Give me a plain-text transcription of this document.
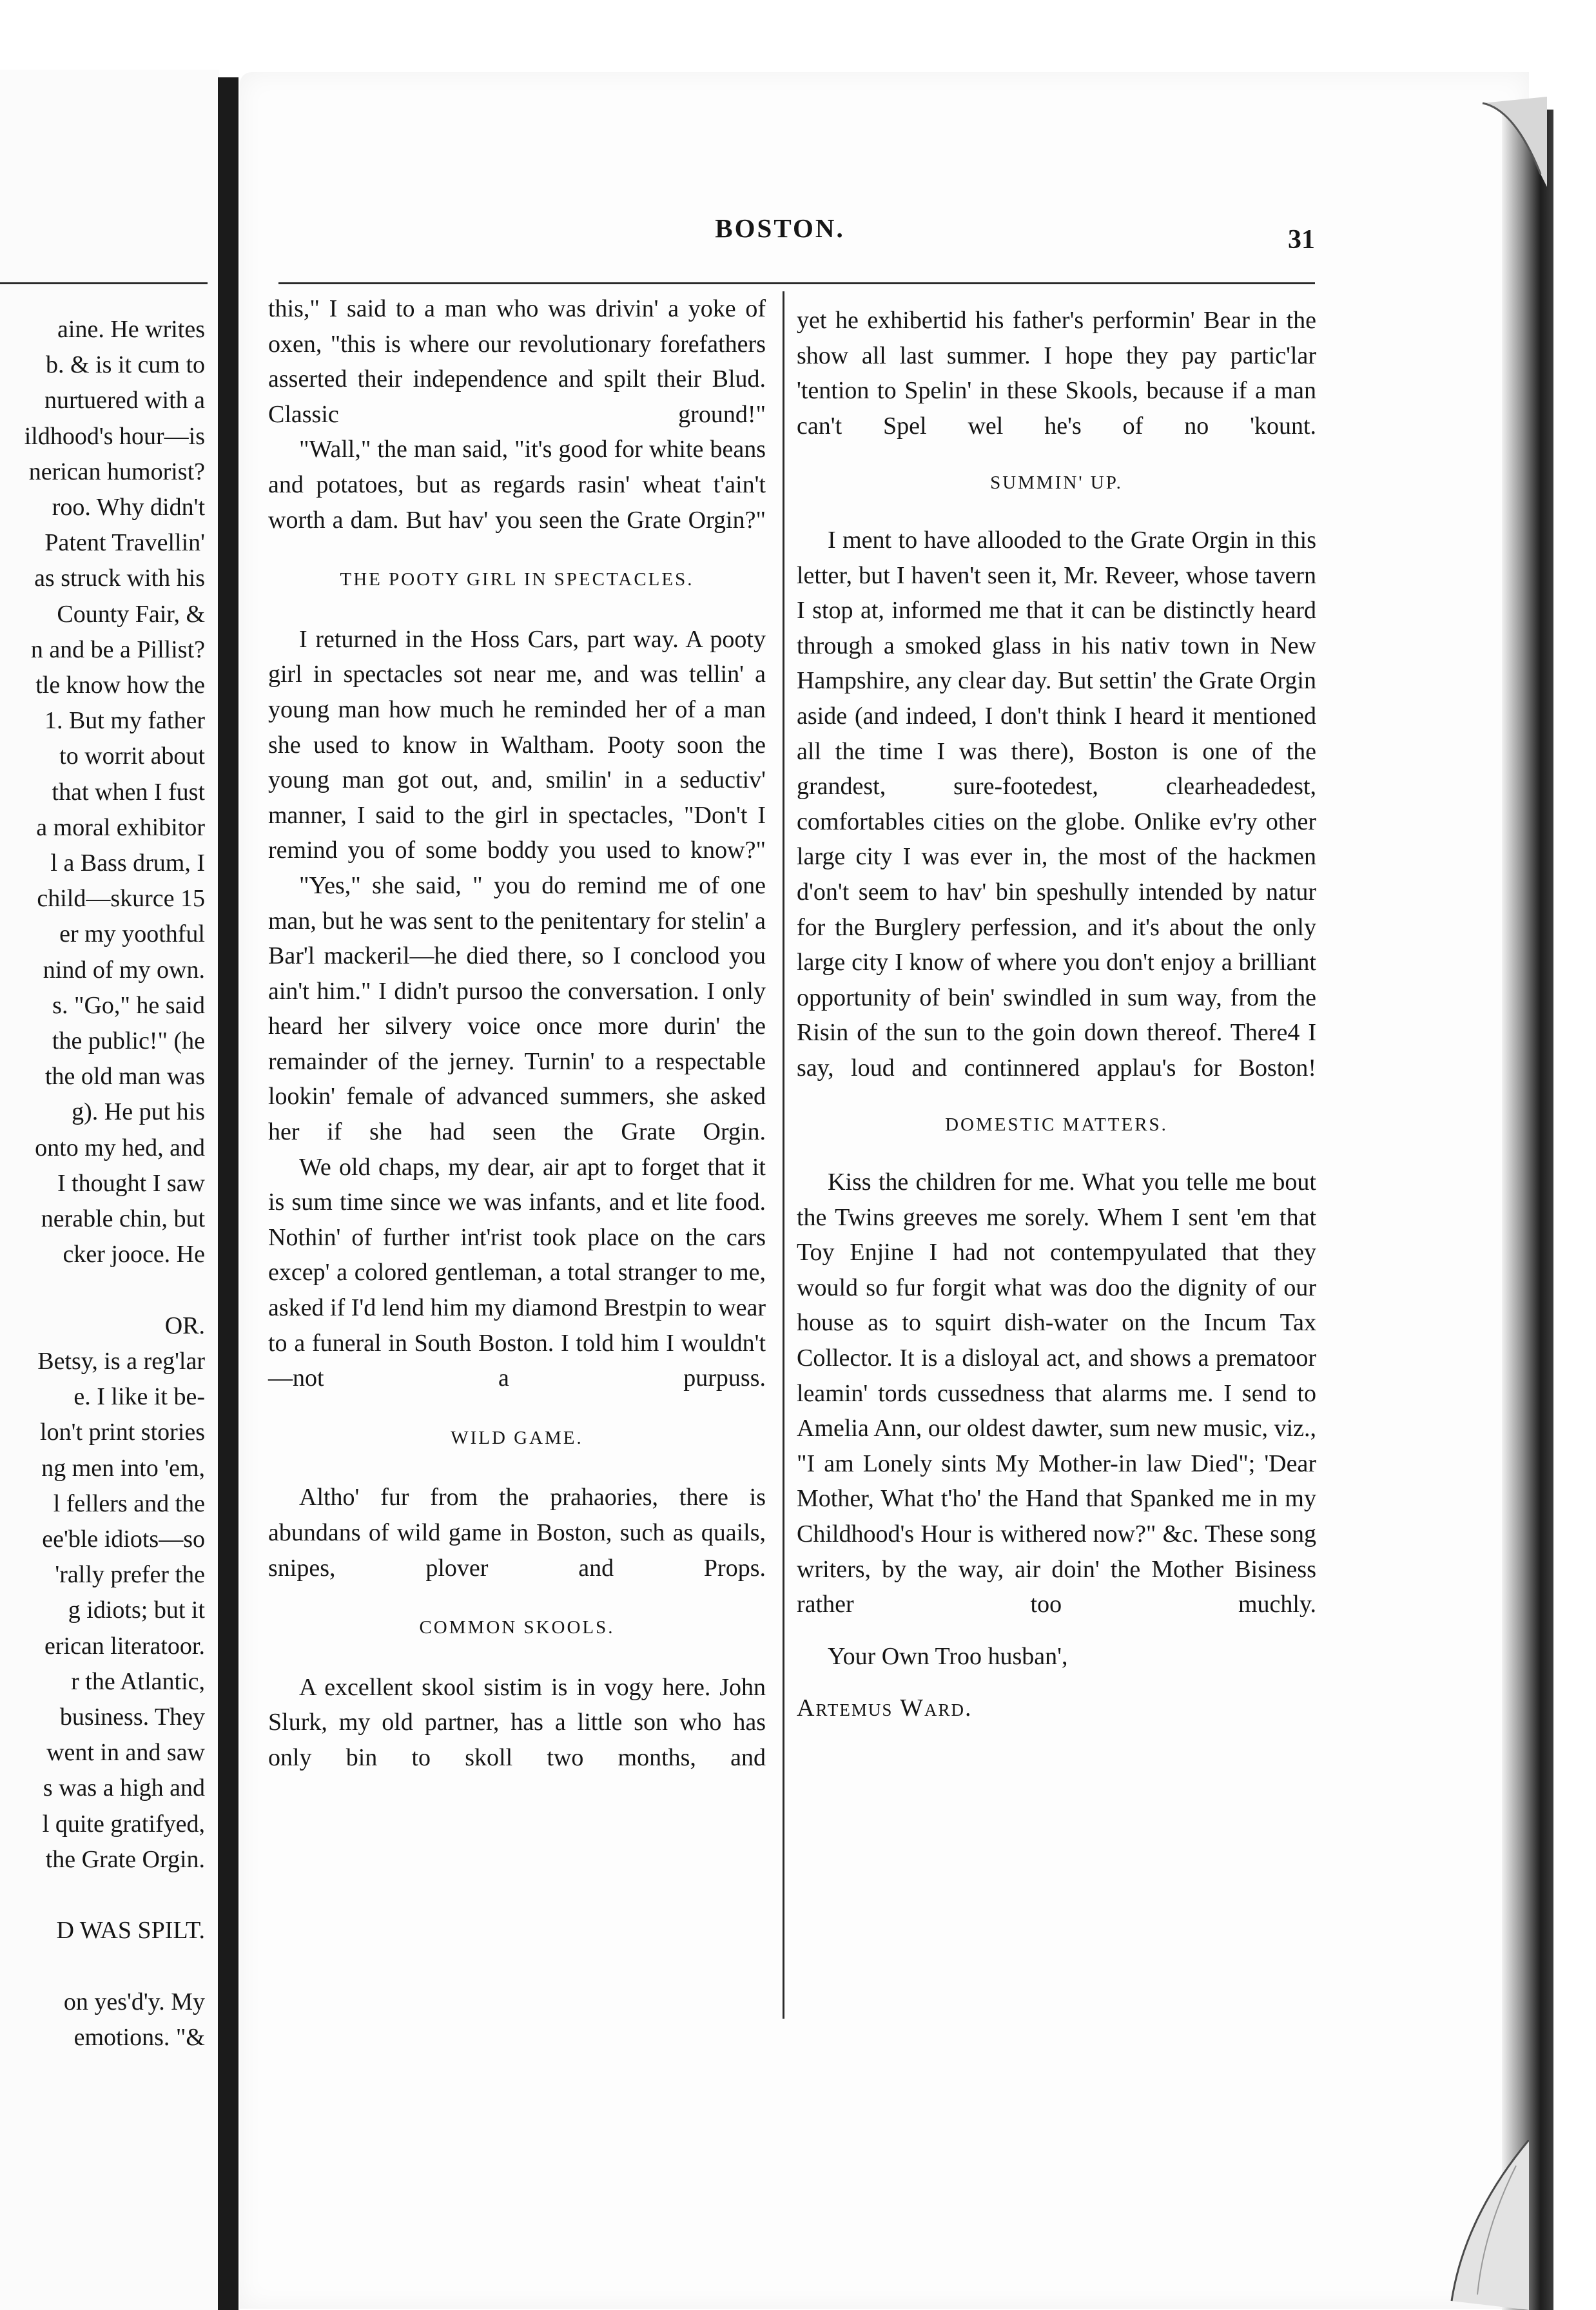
BOSTON.	31
aine. He writes
b. & is it cum to
nurtuered with a
ildhood's hour—is
nerican humorist?
roo. Why didn't
Patent Travellin'
as struck with his
County Fair, &
n and be a Pillist?
tle know how the
1. But my father
to worrit about
that when I fust
a moral exhibitor
l a Bass drum, I
child—skurce 15
er my yoothful
nind of my own.
s. "Go," he said
the public!" (he
the old man was
g). He put his
onto my hed, and
I thought I saw
nerable chin, but
cker jooce. He

OR.
Betsy, is a reg'lar
e. I like it be-
lon't print stories
ng men into 'em,
l fellers and the
ee'ble idiots—so
'rally prefer the
g idiots; but it
erican literatoor.
r the Atlantic,
business. They
went in and saw
s was a high and
l quite gratifyed,
the Grate Orgin.

D WAS SPILT.

on yes'd'y. My
emotions. "&

this," I said to a man who was drivin' a yoke of oxen, "this is where our revolutionary forefathers asserted their independence and spilt their Blud. Classic ground!"

"Wall," the man said, "it's good for white beans and potatoes, but as regards rasin' wheat t'ain't worth a dam. But hav' you seen the Grate Orgin?"

THE POOTY GIRL IN SPECTACLES.

I returned in the Hoss Cars, part way. A pooty girl in spectacles sot near me, and was tellin' a young man how much he reminded her of a man she used to know in Waltham. Pooty soon the young man got out, and, smilin' in a seductiv' manner, I said to the girl in spectacles, "Don't I remind you of some boddy you used to know?"

"Yes," she said, " you do remind me of one man, but he was sent to the penitentary for stelin' a Bar'l mackeril—he died there, so I conclood you ain't him." I didn't pursoo the conversation. I only heard her silvery voice once more durin' the remainder of the jerney. Turnin' to a respectable lookin' female of advanced summers, she asked her if she had seen the Grate Orgin.

We old chaps, my dear, air apt to forget that it is sum time since we was infants, and et lite food. Nothin' of further int'rist took place on the cars excep' a colored gentleman, a total stranger to me, asked if I'd lend him my diamond Brestpin to wear to a funeral in South Boston. I told him I wouldn't—not a purpuss.

WILD GAME.

Altho' fur from the prahaories, there is abundans of wild game in Boston, such as quails, snipes, plover and Props.

COMMON SKOOLS.

A excellent skool sistim is in vogy here. John Slurk, my old partner, has a little son who has only bin to skoll two months, and

yet he exhibertid his father's performin' Bear in the show all last summer. I hope they pay partic'lar 'tention to Spelin' in these Skools, because if a man can't Spel wel he's of no 'kount.

SUMMIN' UP.

I ment to have allooded to the Grate Orgin in this letter, but I haven't seen it, Mr. Reveer, whose tavern I stop at, informed me that it can be distinctly heard through a smoked glass in his nativ town in New Hampshire, any clear day. But settin' the Grate Orgin aside (and indeed, I don't think I heard it mentioned all the time I was there), Boston is one of the grandest, sure-footedest, clearheadedest, comfortables cities on the globe. Onlike ev'ry other large city I was ever in, the most of the hackmen d'on't seem to hav' bin speshully intended by natur for the Burglery perfession, and it's about the only large city I know of where you don't enjoy a brilliant opportunity of bein' swindled in sum way, from the Risin of the sun to the goin down thereof. There4 I say, loud and continnered applau's for Boston!

DOMESTIC MATTERS.

Kiss the children for me. What you telle me bout the Twins greeves me sorely. Whem I sent 'em that Toy Enjine I had not contempyulated that they would so fur forgit what was doo the dignity of our house as to squirt dish-water on the Incum Tax Collector. It is a disloyal act, and shows a prematoor leamin' tords cussedness that alarms me. I send to Amelia Ann, our oldest dawter, sum new music, viz., "I am Lonely sints My Mother-in law Died"; 'Dear Mother, What t'ho' the Hand that Spanked me in my Childhood's Hour is withered now?" &c. These song writers, by the way, air doin' the Mother Bisiness rather too muchly.

Your Own Troo husban',

Artemus Ward.
